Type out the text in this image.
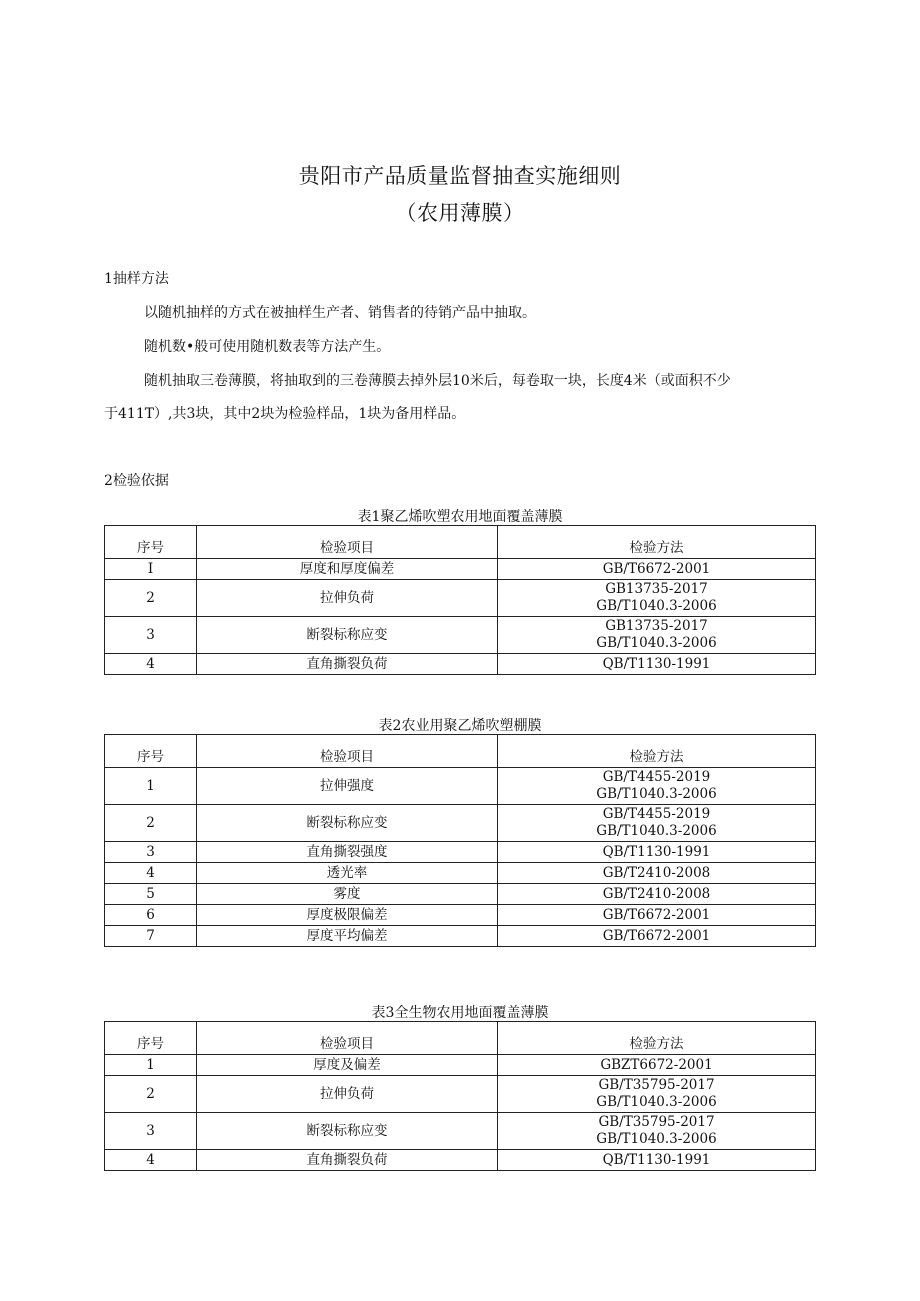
贵阳市产品质量监督抽查实施细则
（农用薄膜）
1抽样方法
以随机抽样的方式在被抽样生产者、销售者的待销产品中抽取。
随机数•般可使用随机数表等方法产生。
随机抽取三卷薄膜，将抽取到的三卷薄膜去掉外层10米后，每卷取一块，长度4米（或面积不少
于411T）,共3块，其中2块为检验样品，1块为备用样品。
2检验依据
表1聚乙烯吹塑农用地面覆盖薄膜
序号	检验项目	检验方法
I	厚度和厚度偏差	GB/T6672-2001
2	拉伸负荷	GB13735-2017
GB/T1040.3-2006

3	断裂标称应变	GB13735-2017
GB/T1040.3-2006

4	直角撕裂负荷	QB/T1130-1991
表2农业用聚乙烯吹塑棚膜
序号	检验项目	检验方法
1	拉伸强度	GB/T4455-2019
GB/T1040.3-2006

2	断裂标称应变	GB/T4455-2019
GB/T1040.3-2006

3	直角撕裂强度	QB/T1130-1991
4	透光率	GB/T2410-2008
5	雾度	GB/T2410-2008
6	厚度极限偏差	GB/T6672-2001
7	厚度平均偏差	GB/T6672-2001
表3全生物农用地面覆盖薄膜
序号	检验项目	检验方法
1	厚度及偏差	GBZT6672-2001
2	拉伸负荷	GB/T35795-2017
GB/T1040.3-2006

3	断裂标称应变	GB/T35795-2017
GB/T1040.3-2006

4	直角撕裂负荷	QB/T1130-1991
